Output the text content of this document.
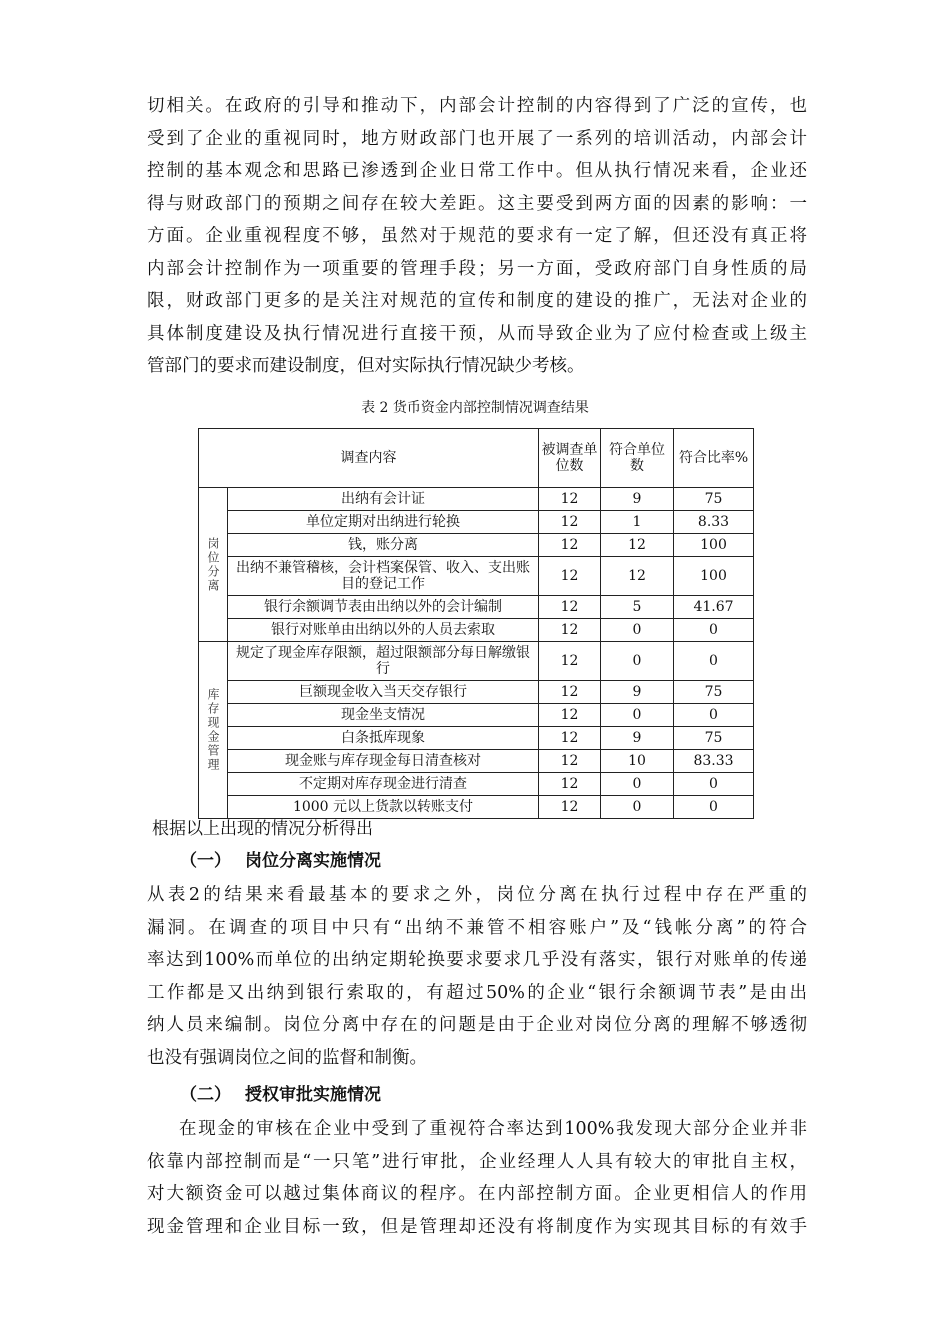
切相关。在政府的引导和推动下，内部会计控制的内容得到了广泛的宣传，也
受到了企业的重视同时，地方财政部门也开展了一系列的培训活动，内部会计
控制的基本观念和思路已渗透到企业日常工作中。但从执行情况来看，企业还
得与财政部门的预期之间存在较大差距。这主要受到两方面的因素的影响：一
方面。企业重视程度不够，虽然对于规范的要求有一定了解，但还没有真正将
内部会计控制作为一项重要的管理手段；另一方面，受政府部门自身性质的局
限，财政部门更多的是关注对规范的宣传和制度的建设的推广，无法对企业的
具体制度建设及执行情况进行直接干预，从而导致企业为了应付检查或上级主

管部门的要求而建设制度，但对实际执行情况缺少考核。
表 2 货币资金内部控制情况调查结果
调查内容		被调查单位数	符合单位数	符合比率%

岗位分离	出纳有会计证	12	9	75
	单位定期对出纳进行轮换	12	1	8.33
	钱，账分离	12	12	100
	出纳不兼管稽核，会计档案保管、收入、支出账目的登记工作	12	12	100
	银行余额调节表由出纳以外的会计编制	12	5	41.67
	银行对账单由出纳以外的人员去索取	12	0	0

库存现金管理	规定了现金库存限额，超过限额部分每日解缴银行	12	0	0
	巨额现金收入当天交存银行	12	9	75
	现金坐支情况	12	0	0
	白条抵库现象	12	9	75
	现金账与库存现金每日清查核对	12	10	83.33
	不定期对库存现金进行清查	12	0	0
	1000 元以上货款以转账支付	12	0	0
根据以上出现的情况分析得出
（一） 岗位分离实施情况
从表2的结果来看最基本的要求之外，岗位分离在执行过程中存在严重的
漏洞。在调查的项目中只有“出纳不兼管不相容账户”及“钱帐分离”的符合
率达到100%而单位的出纳定期轮换要求要求几乎没有落实，银行对账单的传递
工作都是又出纳到银行索取的，有超过50%的企业“银行余额调节表”是由出
纳人员来编制。岗位分离中存在的问题是由于企业对岗位分离的理解不够透彻

也没有强调岗位之间的监督和制衡。
（二） 授权审批实施情况
在现金的审核在企业中受到了重视符合率达到100%我发现大部分企业并非
依靠内部控制而是“一只笔”进行审批，企业经理人人具有较大的审批自主权，
对大额资金可以越过集体商议的程序。在内部控制方面。企业更相信人的作用
现金管理和企业目标一致，但是管理却还没有将制度作为实现其目标的有效手
